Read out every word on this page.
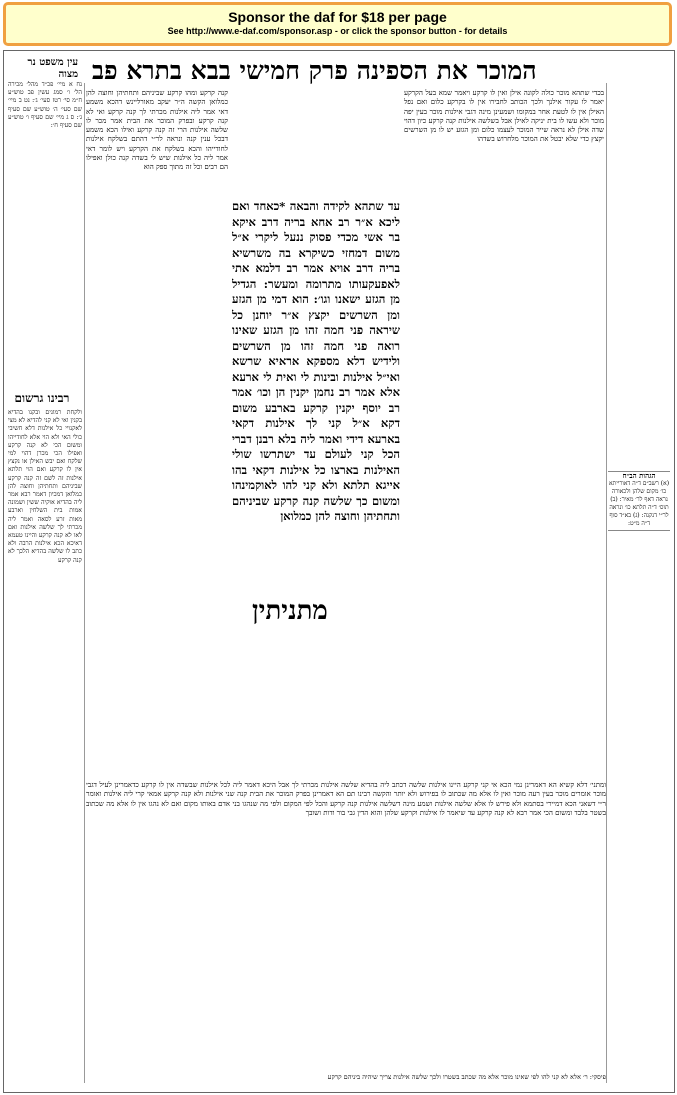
Sponsor the daf for $18 per page
See http://www.e-daf.com/sponsor.asp - or click the sponsor button - for details
המוכר את הספינה פרק חמישי בבא בתרא פב
עין משפט נר מצוה
נח א מיי׳ פכ״ד מהל׳ מכירה הל׳ ו׳ סמג עשין פב טוש״ע ח״מ סי׳ רטז סעי׳ ג׳: נט ב מיי׳ שם סעי׳ ה׳ טוש״ע שם סעיף ג׳: ס ג מיי׳ שם סעיף ו׳ טוש״ע שם סעיף ח׳:
רבינו גרשום
ולקחת רמונים ובקנו בהדיא בקנין ואי לא קני להדיא לא מצי לאקנויי כל אילנות דלא חשיבי כולי האי ולא הוי אלא לחודייהו ומשום הכי לא קנה קרקע ואפילו הכי מכרן דהוי למי שלקח ואם יבש האילן או נקצץ אין לו קרקע ואם הוי תלתא אילנות זה לשם זה קנה קרקע שביניהם ותחתיהן וחוצה להן כמלואן דמכיון דאמר רבא אמר ליה בהדיא אוקיה ששין ושמונה אמות בית השלחין וארבע מאות זרע לסאה ואמר ליה מכרתי לך שלשה אילנות ואם לאו לא קנה קרקע והיינו טעמא דאיכא הכא אילנות הרבה ולא כתב לו שלשה בהדיא הלכך לא קנה קרקע
קנה קרקע ומהו קרקע שביניהם ותחתיהן וחוצה להן כמלואן הקשה ה״ר יעקב מאורליינש דהכא משמע דאי אמר ליה אילנות מכרתי לך קנה קרקע ואי לא קנה קרקע ובפרק המוכר את הבית אמר מכר לו שלשה אילנות הרי זה קנה קרקע ואילו הכא משמע דבכל ענין קנה ונראה לר״י דהתם בשלקח אילנות לחודייהו והכא בשלקח את הקרקע ויש לומר דאי אמר ליה כל אילנות שיש לי בשדה קנה כולן ואפילו הם רבים וכל זה מתוך ספק הוא
עד שתהא לקידה והבאה *כאחד ואם ליכא א״ר רב אחא בריה דרב איקא בר אשי מכדי פסוק ננעל ליקרי א״ל משום דמחזי כשיקרא בה משרשיא בריה דרב אויא אמר רב דלמא אתי לאפעקעותו מתרומה ומעשר: הגדיל מן הגזע ישאנו וגו׳: הוא דמי מן הגזע ומן השרשים יקצץ א״ר יוחנן כל שיראה פני חמה זהו מן הגזע שאינו רואה פני חמה זהו מן השרשים ולידיש דלא מספקא אראיא שרשא ואי״ל אילנות ובינות לי ואית לי ארעא אלא אמר רב נחמן יקנין הן וכו׳ אמר רב יוסף יקנין קרקע בארבע משום דקא א״ל קני לך אילנות דקאי בארעא דידי ואמר ליה בלא רבנן דברי הכל קני לעולם עד ישתרשו שולי האילנות בארצו כל אילנות דקאי בהו אייגא תלתא ולא קני להו לאוקמינהו ומשום כך שלשה קנה קרקע שביניהם ותחתיהן וחוצה להן כמלואן
בכדי שתהא מוכר כולה לקונה אילן ואין לו קרקע ויאמר שמא בעל הקרקע יאמר לו עקור אילנך ולכך הכותב לחבירו אין לו בקרקע כלום ואם נפל האילן אין לו לטעת אחר במקומו ושמעינן מינה דגבי אילנות מוכר בעין יפה מוכר ולא עשו לו בית יניקה לאילן אבל בשלשה אילנות קנה קרקע כיון דהוי שדה אילן לא נראה שייר המוכר לעצמו כלום ומן הגזע יש לו מן השרשים יקצץ כדי שלא יבטל את המוכר מלחרוש בשדהו
הגהות הב״ח
(א) רשב״ם ד״ה דאורייתא כו׳ מקום שלהן ולכאורה נראה דאף לר׳ מאיר: (ב) תוס׳ ד״ה תלתא כו׳ ונראה לר״י דנקנה: (ג) בא״ד סוף ד״ה מ״ט:
מתניתין
ומתני׳ דלא קשיא הא דאמרינן נמי הכא אי קני קרקע היינו אילנות שלשה דכתב ליה בהדיא שלשה אילנות מכרתי לך אבל היכא דאמר ליה לכל אילנות שבשדה אין לו קרקע כדאמרינן לעיל דגבי מוכר אומרים מוכר בעין רעה מוכר ואין לו אלא מה שכתוב לו בפירוש ולא יותר והקשה רבינו תם הא דאמרינן בפרק המוכר את הבית קנה שני אילנות ולא קנה קרקע אמאי קרי ליה אילנות ואומר ר״י דשאני הכא דמיירי בסתמא ולא פירש לו אלא שלשה אילנות ושמע מינה דשלשה אילנות קנה קרקע והכל לפי המקום ולפי מה שנהגו בני אדם באותו מקום ואם לא נהגו אין לו אלא מה שכתוב בשטר בלבד ומשום הכי אמר רבא לא קנה קרקע עד שיאמר לו אילנות וקרקע שלהן והוא הדין גבי בור ודות ושובך
פיסקי: ר׳ אלא לא קני להו לפי שאינו מוכר אלא מה שכתב בשטרו ולכך שלשה אילנות צריך שיהיה ביניהם קרקע
